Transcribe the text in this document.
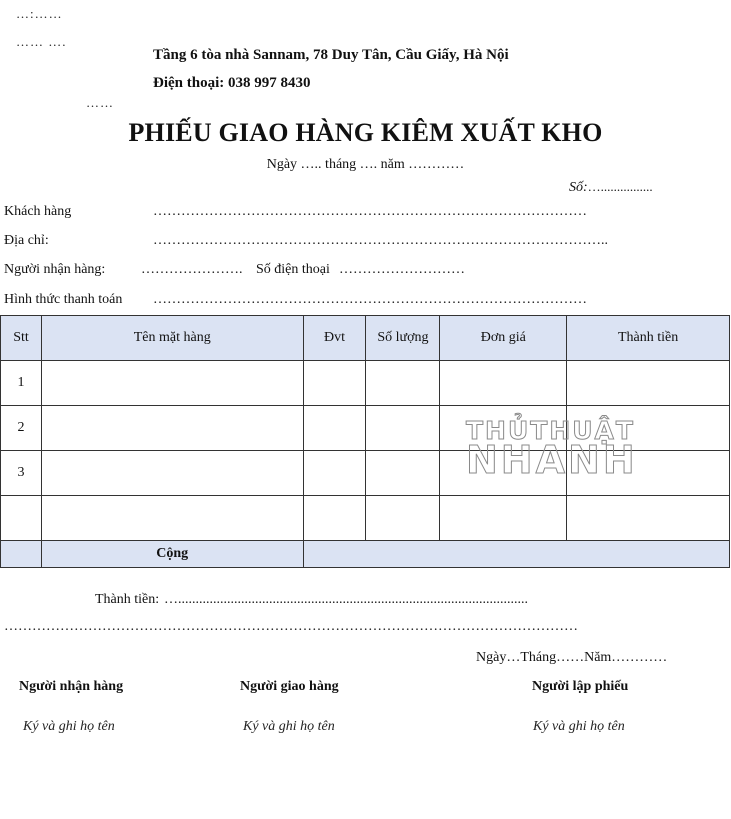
…:……
…… ….
Tầng 6 tòa nhà Sannam, 78 Duy Tân, Cầu Giấy, Hà Nội
Điện thoại: 038 997 8430
……
PHIẾU GIAO HÀNG KIÊM XUẤT KHO
Ngày ….. tháng …. năm …………
Số:…................
Khách hàng	…………………………………………………………………………………
Địa chỉ:	……………………………………………………………………………………..
Người nhận hàng:	…………………. Số điện thoại ………………………
Hình thức thanh toán …………………………………………………………………………………
Stt	Tên mặt hàng	Đvt	Số lượng	Đơn giá	Thành tiền
1					
2					
3					

	Cộng				
THỦTHUẬT
NHANH
Thành tiền: …....................................................................................................
……………………………………………………………………………………………………………
Ngày…Tháng……Năm…………
Người nhận hàng	Người giao hàng	Người lập phiếu
Ký và ghi họ tên	Ký và ghi họ tên	Ký và ghi họ tên
